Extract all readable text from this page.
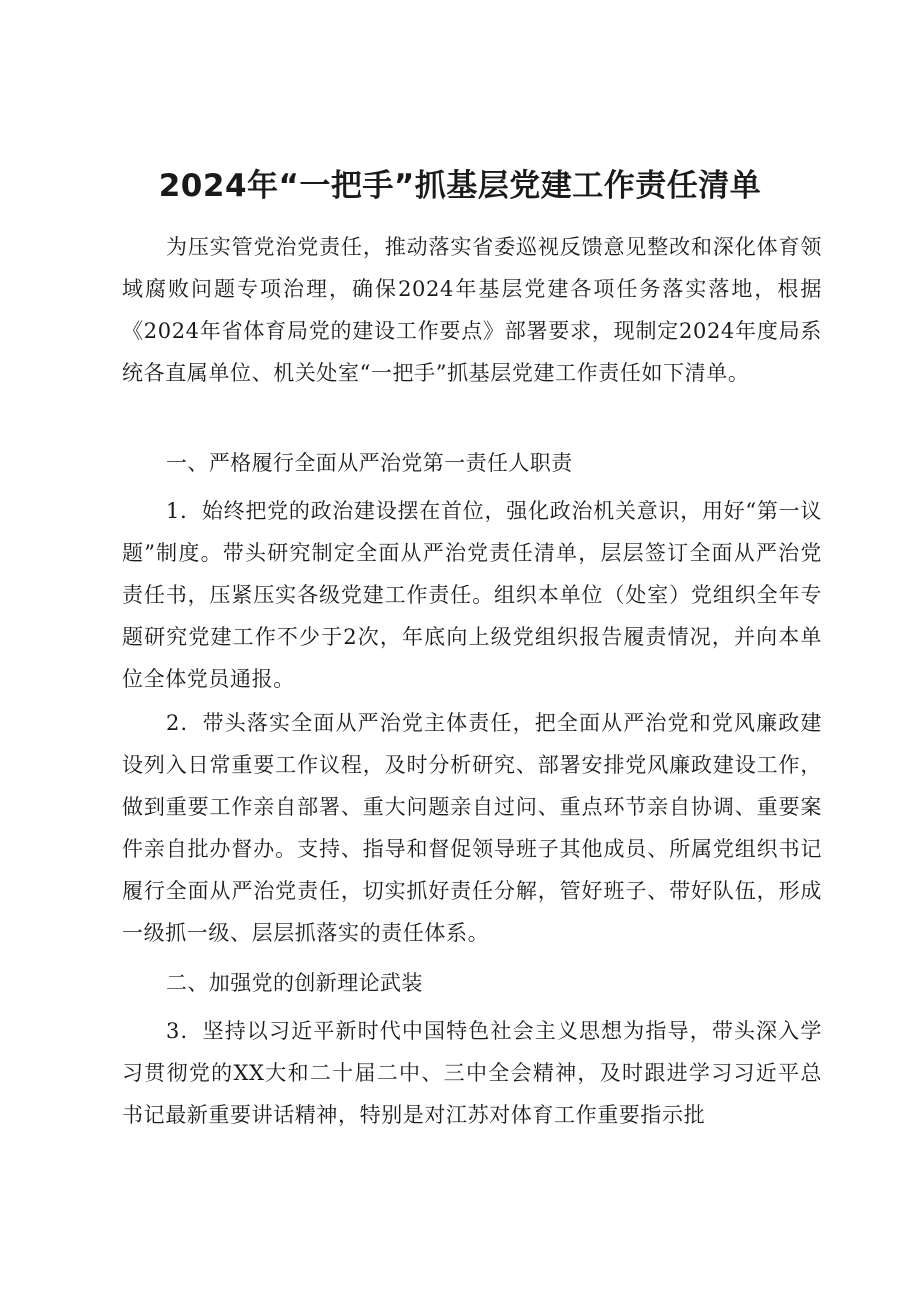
2024年“一把手”抓基层党建工作责任清单

为压实管党治党责任，推动落实省委巡视反馈意见整改和深化体育领域腐败问题专项治理，确保2024年基层党建各项任务落实落地，根据《2024年省体育局党的建设工作要点》部署要求，现制定2024年度局系统各直属单位、机关处室“一把手”抓基层党建工作责任如下清单。

一、严格履行全面从严治党第一责任人职责

1．始终把党的政治建设摆在首位，强化政治机关意识，用好“第一议题”制度。带头研究制定全面从严治党责任清单，层层签订全面从严治党责任书，压紧压实各级党建工作责任。组织本单位（处室）党组织全年专题研究党建工作不少于2次，年底向上级党组织报告履责情况，并向本单位全体党员通报。

2．带头落实全面从严治党主体责任，把全面从严治党和党风廉政建设列入日常重要工作议程，及时分析研究、部署安排党风廉政建设工作，做到重要工作亲自部署、重大问题亲自过问、重点环节亲自协调、重要案件亲自批办督办。支持、指导和督促领导班子其他成员、所属党组织书记履行全面从严治党责任，切实抓好责任分解，管好班子、带好队伍，形成一级抓一级、层层抓落实的责任体系。

二、加强党的创新理论武装

3．坚持以习近平新时代中国特色社会主义思想为指导，带头深入学习贯彻党的XX大和二十届二中、三中全会精神，及时跟进学习习近平总书记最新重要讲话精神，特别是对江苏对体育工作重要指示批
